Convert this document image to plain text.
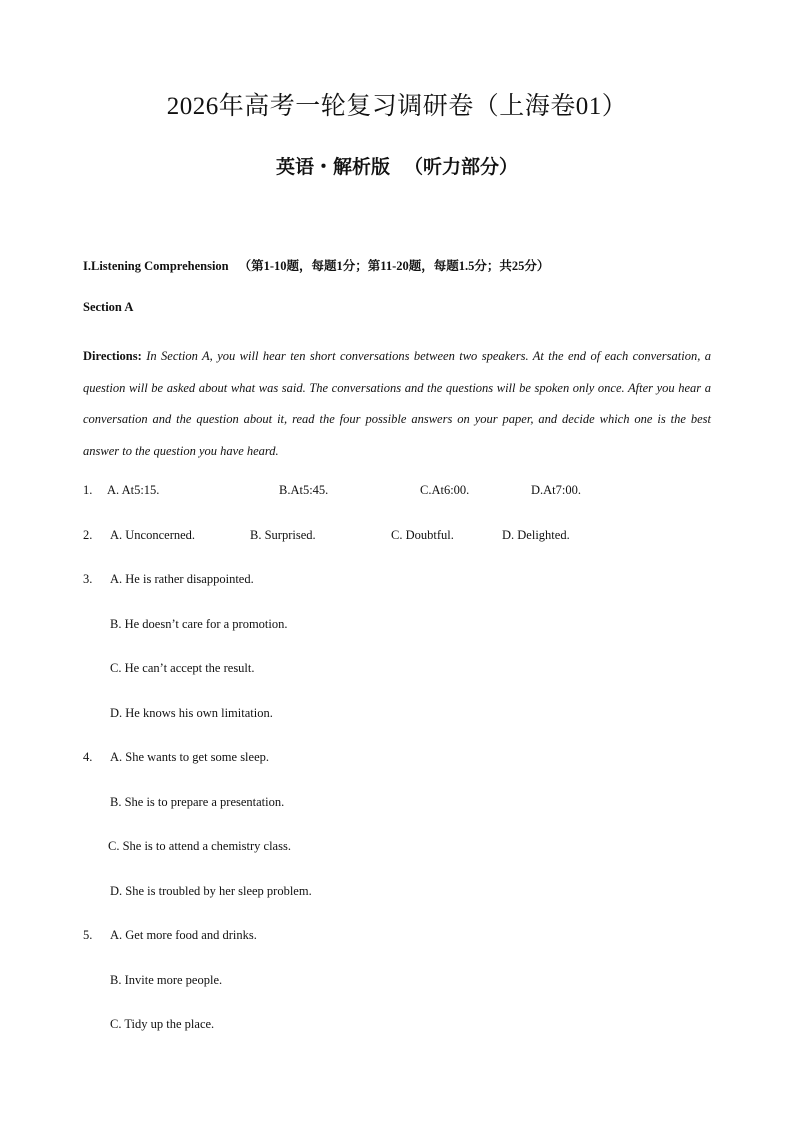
2026年高考一轮复习调研卷（上海卷01）
英语・解析版 （听力部分）
I.Listening Comprehension （第1-10题，每题1分；第11-20题，每题1.5分；共25分）
Section A
Directions: In Section A, you will hear ten short conversations between two speakers. At the end of each conversation, a question will be asked about what was said. The conversations and the questions will be spoken only once. After you hear a conversation and the question about it, read the four possible answers on your paper, and decide which one is the best answer to the question you have heard.
1. A. At5:15.	B.At5:45.	C.At6:00.	D.At7:00.
2. A. Unconcerned.	B. Surprised.	C. Doubtful.	D. Delighted.
3. A. He is rather disappointed.
B. He doesn’t care for a promotion.
C. He can’t accept the result.
D. He knows his own limitation.
4. A. She wants to get some sleep.
B. She is to prepare a presentation.
C. She is to attend a chemistry class.
D. She is troubled by her sleep problem.
5. A. Get more food and drinks.
B. Invite more people.
C. Tidy up the place.
